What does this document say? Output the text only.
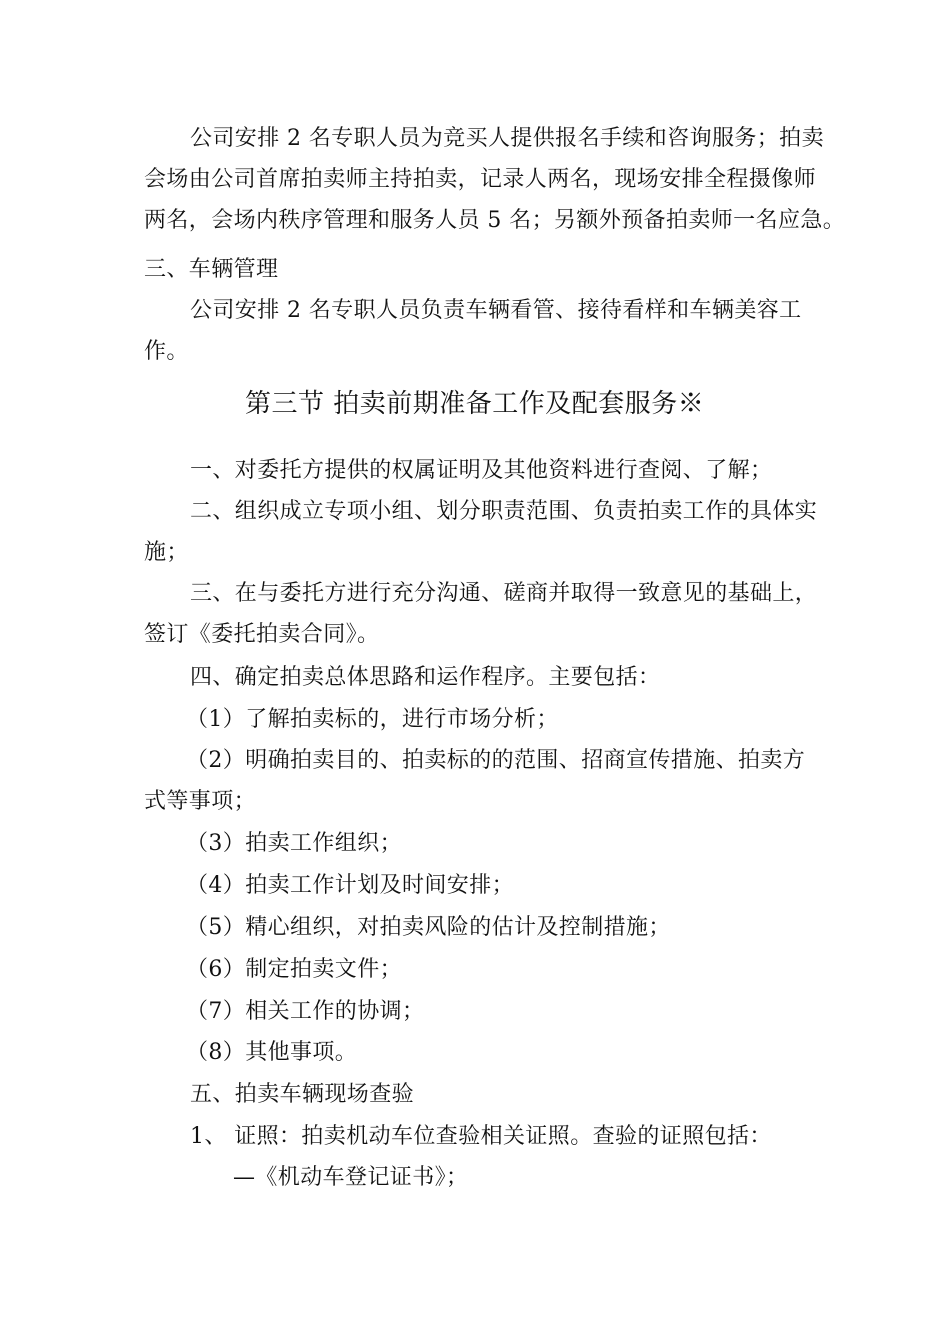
公司安排 2 名专职人员为竞买人提供报名手续和咨询服务；拍卖
会场由公司首席拍卖师主持拍卖，记录人两名，现场安排全程摄像师
两名，会场内秩序管理和服务人员 5 名；另额外预备拍卖师一名应急。
三、车辆管理
公司安排 2 名专职人员负责车辆看管、接待看样和车辆美容工
作。
第三节 拍卖前期准备工作及配套服务※
一、对委托方提供的权属证明及其他资料进行查阅、了解；
二、组织成立专项小组、划分职责范围、负责拍卖工作的具体实
施；
三、在与委托方进行充分沟通、磋商并取得一致意见的基础上，
签订《委托拍卖合同》。
四、确定拍卖总体思路和运作程序。主要包括：
（1）了解拍卖标的，进行市场分析；
（2）明确拍卖目的、拍卖标的的范围、招商宣传措施、拍卖方
式等事项；
（3）拍卖工作组织；
（4）拍卖工作计划及时间安排；
（5）精心组织，对拍卖风险的估计及控制措施；
（6）制定拍卖文件；
（7）相关工作的协调；
（8）其他事项。
五、拍卖车辆现场查验
1、 证照：拍卖机动车位查验相关证照。查验的证照包括：
—《机动车登记证书》；
